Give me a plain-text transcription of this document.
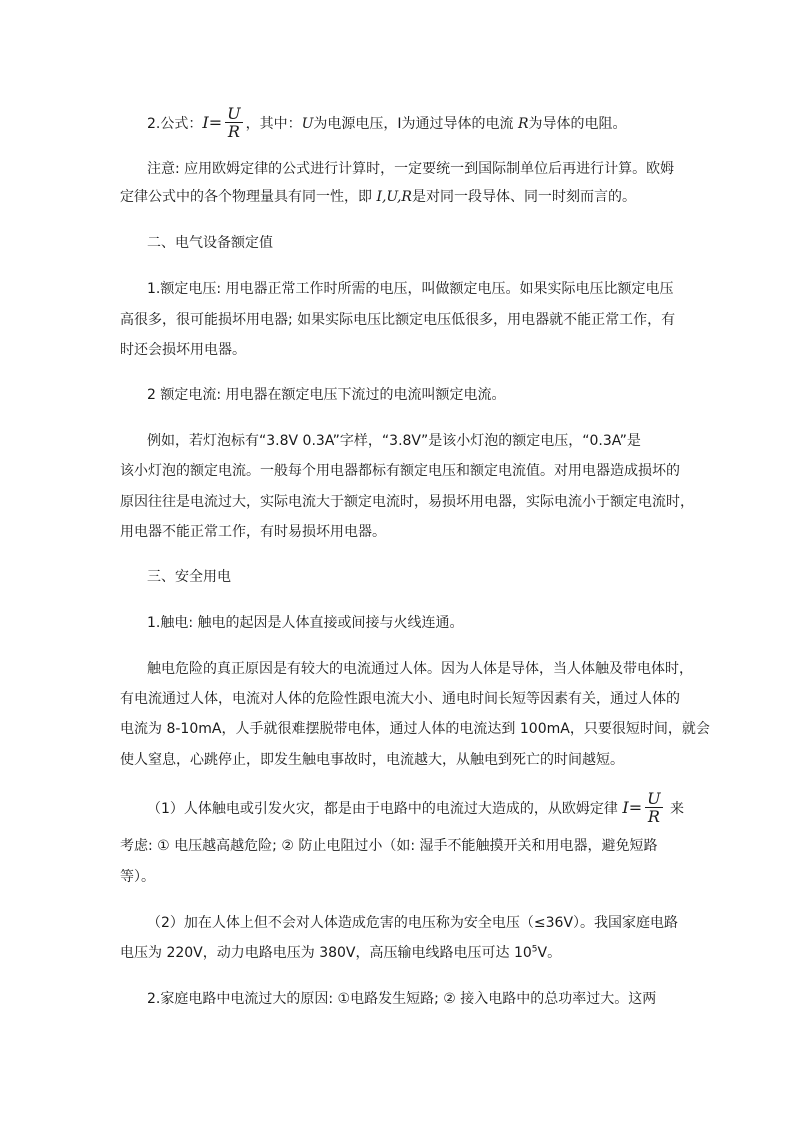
2.公式：$I= \frac{U}{R}$ ，其中：U为电源电压，I为通过导体的电流 R为导体的电阻。
注意: 应用欧姆定律的公式进行计算时，一定要统一到国际制单位后再进行计算。欧姆
定律公式中的各个物理量具有同一性，即 I,U,R是对同一段导体、同一时刻而言的。
二、电气设备额定值
1.额定电压: 用电器正常工作时所需的电压，叫做额定电压。如果实际电压比额定电压
高很多，很可能损坏用电器; 如果实际电压比额定电压低很多，用电器就不能正常工作，有
时还会损坏用电器。
2 额定电流: 用电器在额定电压下流过的电流叫额定电流。
例如，若灯泡标有“3.8V 0.3A”字样，“3.8V”是该小灯泡的额定电压，“0.3A”是
该小灯泡的额定电流。一般每个用电器都标有额定电压和额定电流值。对用电器造成损坏的
原因往往是电流过大，实际电流大于额定电流时，易损坏用电器，实际电流小于额定电流时，
用电器不能正常工作，有时易损坏用电器。
三、安全用电
1.触电: 触电的起因是人体直接或间接与火线连通。
触电危险的真正原因是有较大的电流通过人体。因为人体是导体，当人体触及带电体时，
有电流通过人体，电流对人体的危险性跟电流大小、通电时间长短等因素有关，通过人体的
电流为 8-10mA，人手就很难摆脱带电体，通过人体的电流达到 100mA，只要很短时间，就会
使人窒息，心跳停止，即发生触电事故时，电流越大，从触电到死亡的时间越短。
（1）人体触电或引发火灾，都是由于电路中的电流过大造成的，从欧姆定律 $I= \frac{U}{R}$ 来
考虑: ① 电压越高越危险; ② 防止电阻过小（如: 湿手不能触摸开关和用电器，避免短路
等）。
（2）加在人体上但不会对人体造成危害的电压称为安全电压（≤36V）。我国家庭电路
电压为 220V，动力电路电压为 380V，高压输电线路电压可达 $10^5V$。
2.家庭电路中电流过大的原因: ①电路发生短路; ② 接入电路中的总功率过大。这两
